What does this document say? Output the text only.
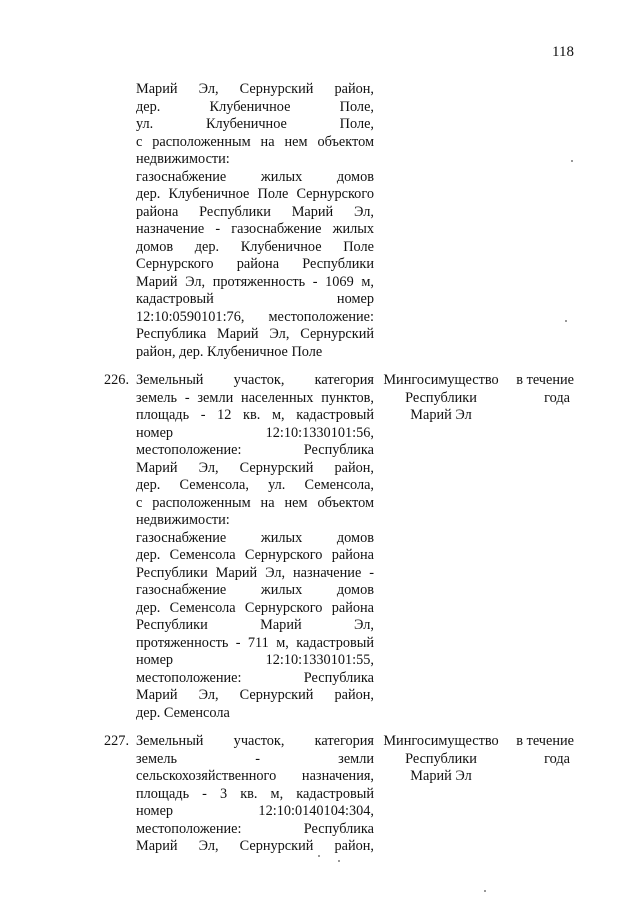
118
Марий Эл, Сернурский район,
дер. Клубеничное Поле,
ул. Клубеничное Поле,
с расположенным на нем объектом
недвижимости:
газоснабжение жилых домов
дер. Клубеничное Поле Сернурского
района Республики Марий Эл,
назначение - газоснабжение жилых
домов дер. Клубеничное Поле
Сернурского района Республики
Марий Эл, протяженность - 1069 м,
кадастровый номер
12:10:0590101:76, местоположение:
Республика Марий Эл, Сернурский
район, дер. Клубеничное Поле
226. Земельный участок, категория
земель - земли населенных пунктов,
площадь - 12 кв. м, кадастровый
номер 12:10:1330101:56,
местоположение: Республика
Марий Эл, Сернурский район,
дер. Семенсола, ул. Семенсола,
с расположенным на нем объектом
недвижимости:
газоснабжение жилых домов
дер. Семенсола Сернурского района
Республики Марий Эл, назначение -
газоснабжение жилых домов
дер. Семенсола Сернурского района
Республики Марий Эл,
протяженность - 711 м, кадастровый
номер 12:10:1330101:55,
местоположение: Республика
Марий Эл, Сернурский район,
дер. Семенсола
Мингосимущество
Республики
Марий Эл
в течение
года
227. Земельный участок, категория
земель - земли
сельскохозяйственного назначения,
площадь - 3 кв. м, кадастровый
номер 12:10:0140104:304,
местоположение: Республика
Марий Эл, Сернурский район,
Мингосимущество
Республики
Марий Эл
в течение
года
